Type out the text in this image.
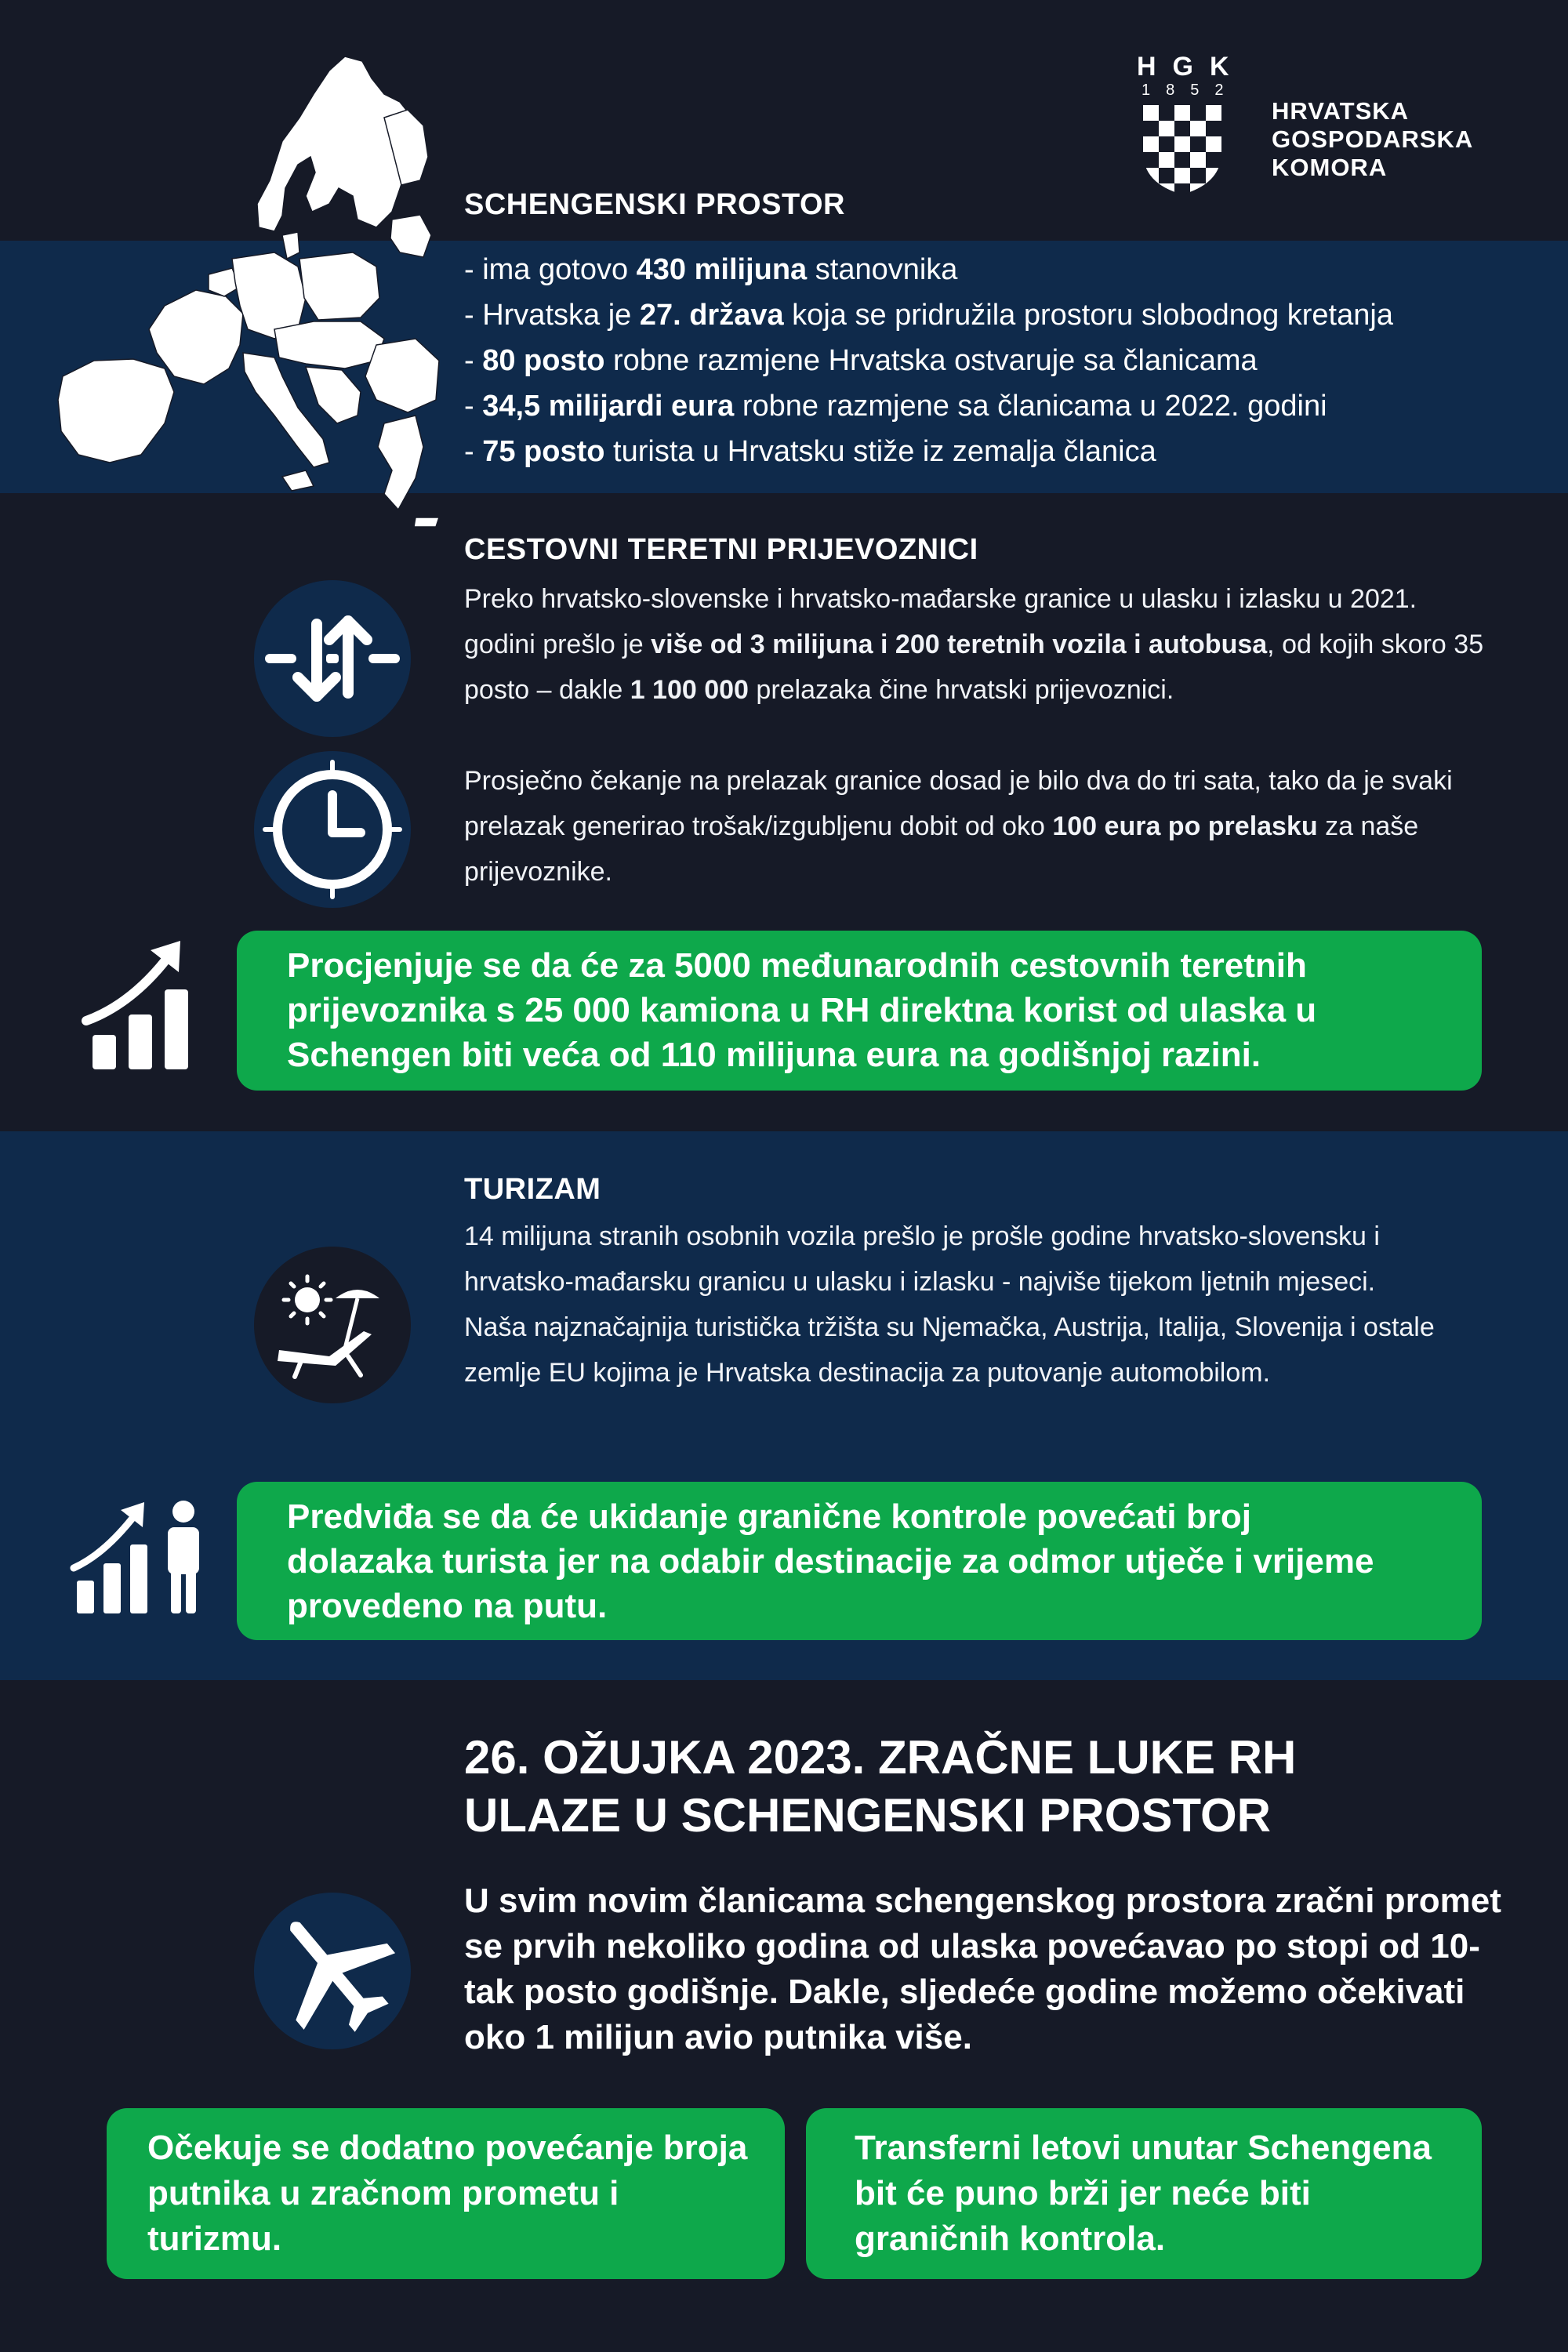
HGK
1852
HRVATSKA
GOSPODARSKA
KOMORA
SCHENGENSKI PROSTOR
- ima gotovo 430 milijuna stanovnika
- Hrvatska je 27. država koja se pridružila prostoru slobodnog kretanja
- 80 posto robne razmjene Hrvatska ostvaruje sa članicama
- 34,5 milijardi eura robne razmjene sa članicama u 2022. godini
- 75 posto turista u Hrvatsku stiže iz zemalja članica
CESTOVNI TERETNI PRIJEVOZNICI
Preko hrvatsko-slovenske i hrvatsko-mađarske granice u ulasku i izlasku u 2021. godini prešlo je više od 3 milijuna i 200 teretnih vozila i autobusa, od kojih skoro 35 posto – dakle 1 100 000 prelazaka čine hrvatski prijevoznici.
Prosječno čekanje na prelazak granice dosad je bilo dva do tri sata, tako da je svaki prelazak generirao trošak/izgubljenu dobit od oko 100 eura po prelasku za naše prijevoznike.
Procjenjuje se da će za 5000 međunarodnih cestovnih teretnih prijevoznika s 25 000 kamiona u RH direktna korist od ulaska u Schengen biti veća od 110 milijuna eura na godišnjoj razini.
TURIZAM
14 milijuna stranih osobnih vozila prešlo je prošle godine hrvatsko-slovensku i hrvatsko-mađarsku granicu u ulasku i izlasku - najviše tijekom ljetnih mjeseci. Naša najznačajnija turistička tržišta su Njemačka, Austrija, Italija, Slovenija i ostale zemlje EU kojima je Hrvatska destinacija za putovanje automobilom.
Predviđa se da će ukidanje granične kontrole povećati broj dolazaka turista jer na odabir destinacije za odmor utječe i vrijeme provedeno na putu.
26. OŽUJKA 2023. ZRAČNE LUKE RH
ULAZE U SCHENGENSKI PROSTOR
U svim novim članicama schengenskog prostora zračni promet se prvih nekoliko godina od ulaska povećavao po stopi od 10-tak posto godišnje. Dakle, sljedeće godine možemo očekivati oko 1 milijun avio putnika više.
Očekuje se dodatno povećanje broja putnika u zračnom prometu i turizmu.
Transferni letovi unutar Schengena bit će puno brži jer neće biti graničnih kontrola.
